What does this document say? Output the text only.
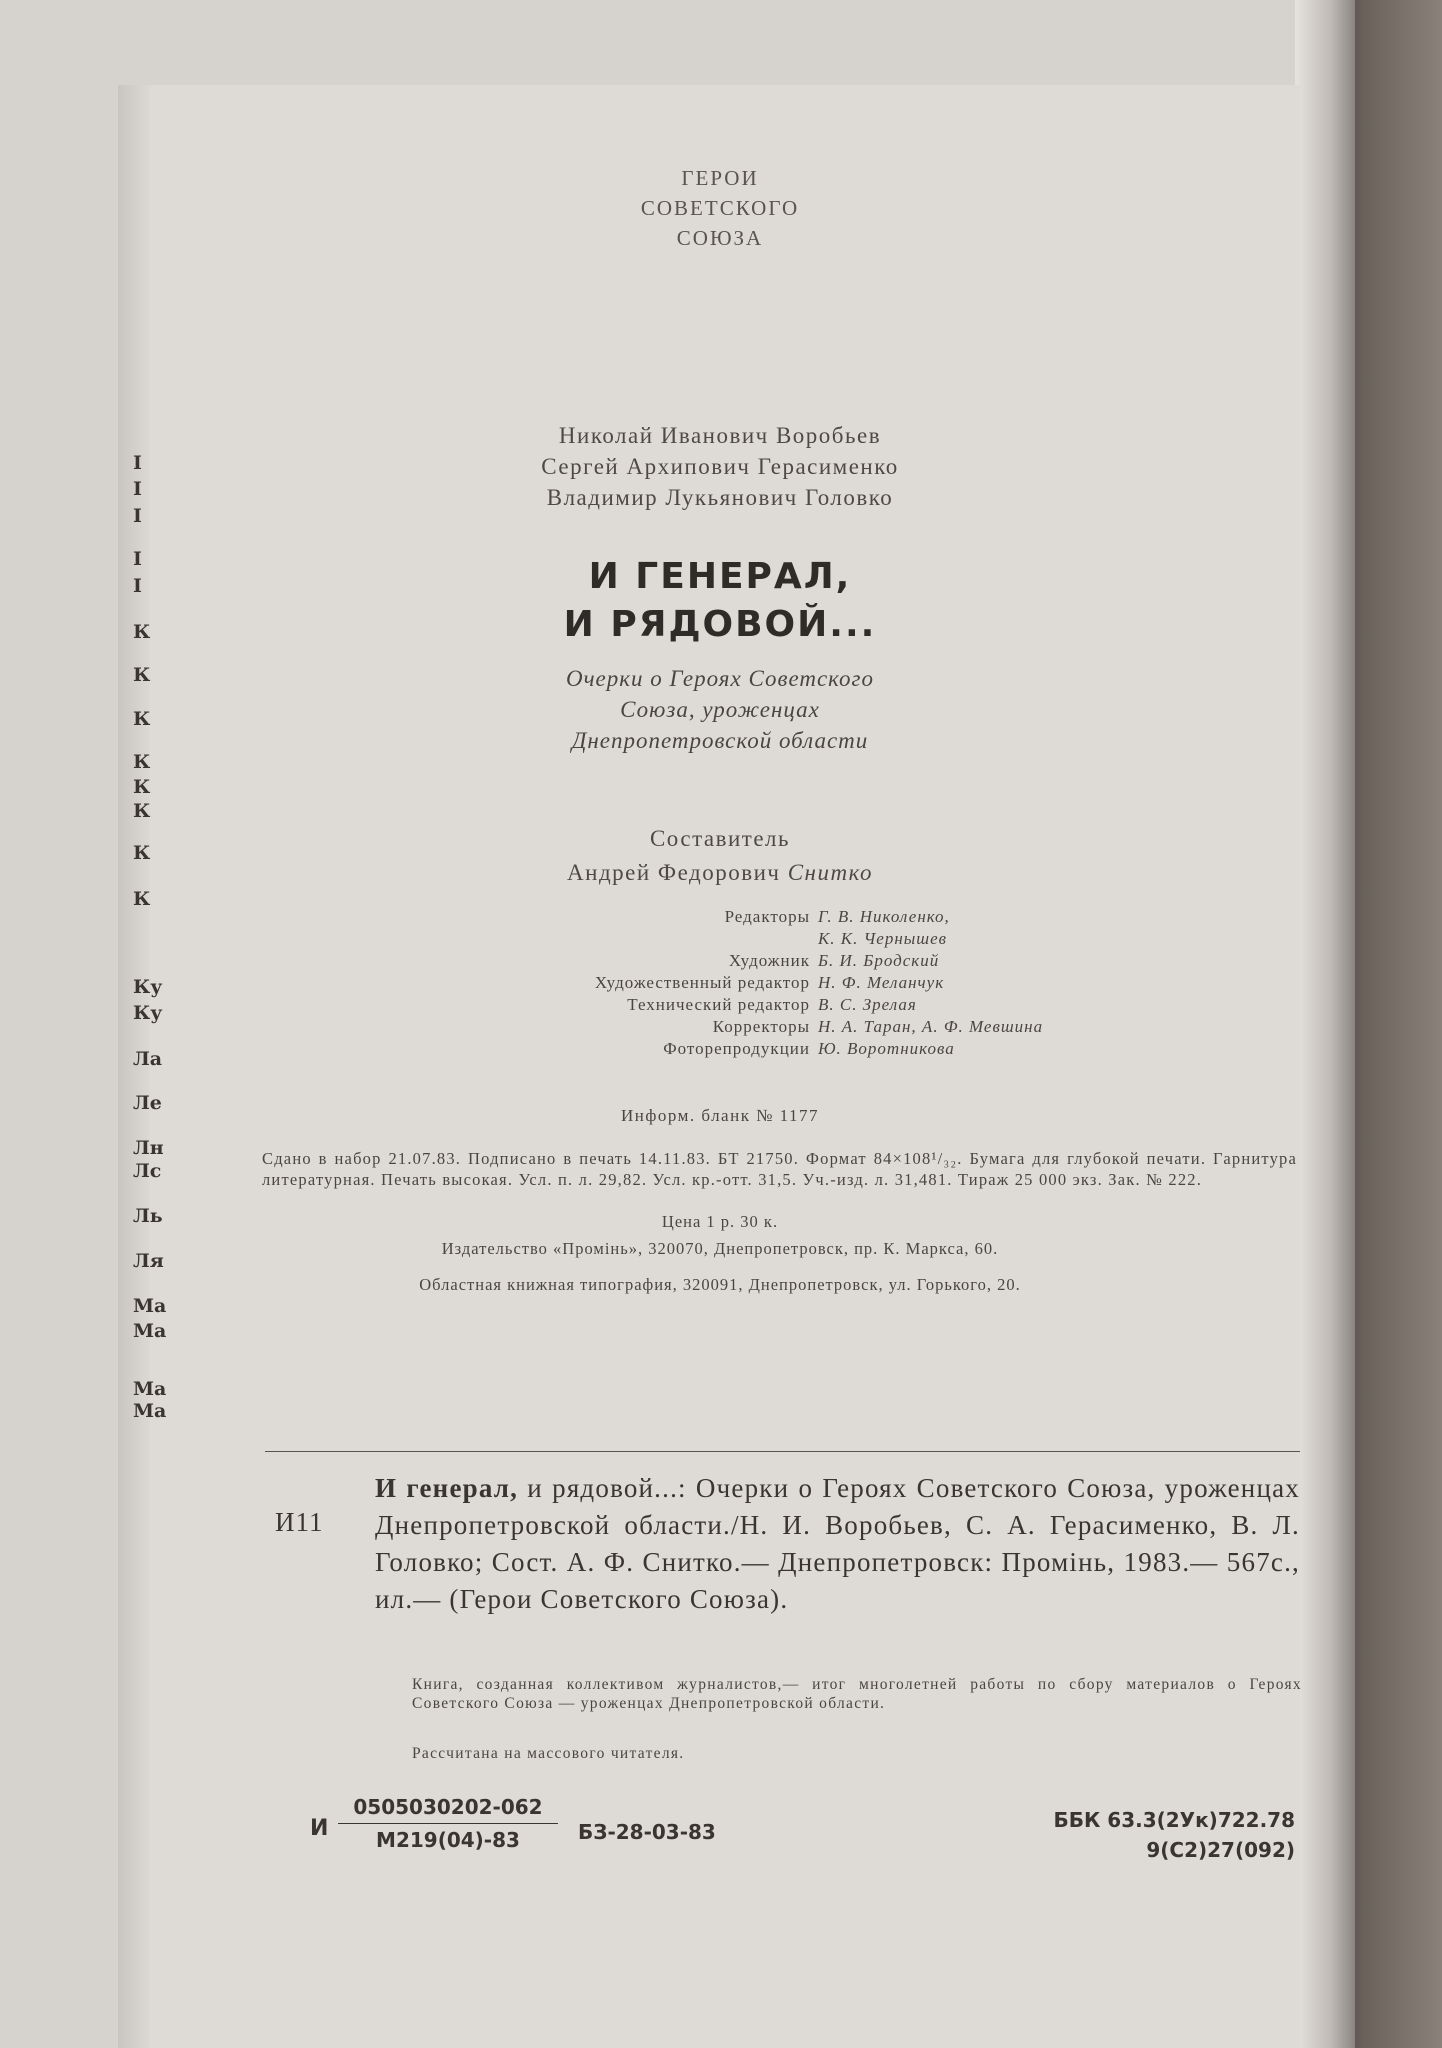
I
I
I
I
I
К
К
К
К
К
К
К
К
Ку
Ку
Ла
Ле
Лн
Лс
Ль
Ля
Ма
Ма
Ма
Ма
ГЕРОИ
СОВЕТСКОГО
СОЮЗА
Николай Иванович Воробьев
Сергей Архипович Герасименко
Владимир Лукьянович Головко
И ГЕНЕРАЛ,
И РЯДОВОЙ...
Очерки о Героях Советского
Союза, уроженцах
Днепропетровской области
Составитель
Андрей Федорович Снитко
Редакторы Г. В. Николенко,
К. К. Чернышев
Художник Б. И. Бродский
Художественный редактор Н. Ф. Меланчук
Технический редактор В. С. Зрелая
Корректоры Н. А. Таран, А. Ф. Мевшина
Фоторепродукции Ю. Воротникова
Информ. бланк № 1177
Сдано в набор 21.07.83. Подписано в печать 14.11.83. БТ 21750. Формат 84×108¹/₃₂. Бумага для глубокой печати. Гарнитура литературная. Печать высокая. Усл. п. л. 29,82. Усл. кр.-отт. 31,5. Уч.-изд. л. 31,481. Тираж 25 000 экз. Зак. № 222.
Цена 1 р. 30 к.
Издательство «Промінь», 320070, Днепропетровск, пр. К. Маркса, 60.
Областная книжная типография, 320091, Днепропетровск, ул. Горького, 20.
И11
И генерал, и рядовой...: Очерки о Героях Советского Союза, уроженцах Днепропетровской области./Н. И. Воробьев, С. А. Герасименко, В. Л. Головко; Сост. А. Ф. Снитко.— Днепропетровск: Промінь, 1983.— 567с., ил.— (Герои Советского Союза).
Книга, созданная коллективом журналистов,— итог многолетней работы по сбору материалов о Героях Советского Союза — уроженцах Днепропетровской области.
Рассчитана на массового читателя.
И
0505030202-062
М219(04)-83	БЗ-28-03-83	ББК 63.3(2Ук)722.78
9(С2)27(092)
